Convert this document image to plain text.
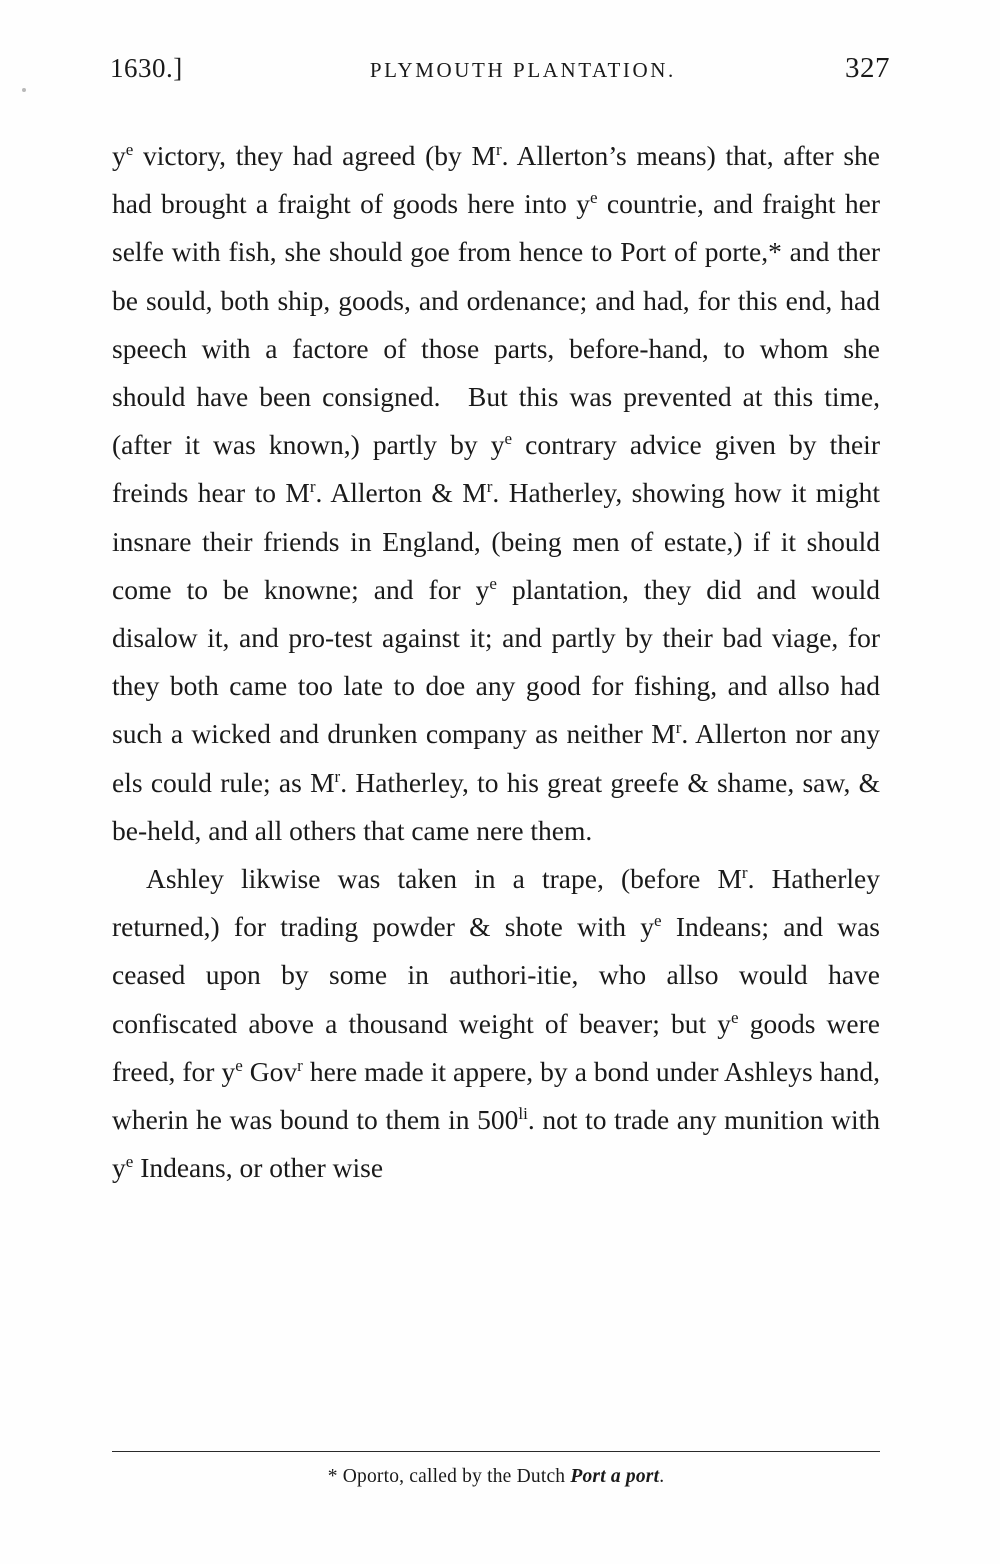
1630.]	PLYMOUTH PLANTATION.	327

$y^e$ victory, they had agreed (by $M^r$. Allerton’s means) that, after she had brought a fraight of goods here into $y^e$ countrie, and fraight her selfe with fish, she should goe from hence to Port of porte,* and ther be sould, both ship, goods, and ordenance; and had, for this end, had speech with a factore of those parts, before-hand, to whom she should have been consigned. But this was prevented at this time, (after it was known,) partly by $y^e$ contrary advice given by their freinds hear to $M^r$. Allerton & $M^r$. Hatherley, showing how it might insnare their friends in England, (being men of estate,) if it should come to be knowne; and for $y^e$ plantation, they did and would disalow it, and pro-test against it; and partly by their bad viage, for they both came too late to doe any good for fishing, and allso had such a wicked and drunken company as neither $M^r$. Allerton nor any els could rule; as $M^r$. Hatherley, to his great greefe & shame, saw, & be-held, and all others that came nere them.

Ashley likwise was taken in a trape, (before $M^r$. Hatherley returned,) for trading powder & shote with $y^e$ Indeans; and was ceased upon by some in authori-itie, who allso would have confiscated above a thousand weight of beaver; but $y^e$ goods were freed, for $y^e$ Gov$^r$ here made it appere, by a bond under Ashleys hand, wherin he was bound to them in $500^{li}$. not to trade any munition with $y^e$ Indeans, or other wise

* Oporto, called by the Dutch Port a port.
